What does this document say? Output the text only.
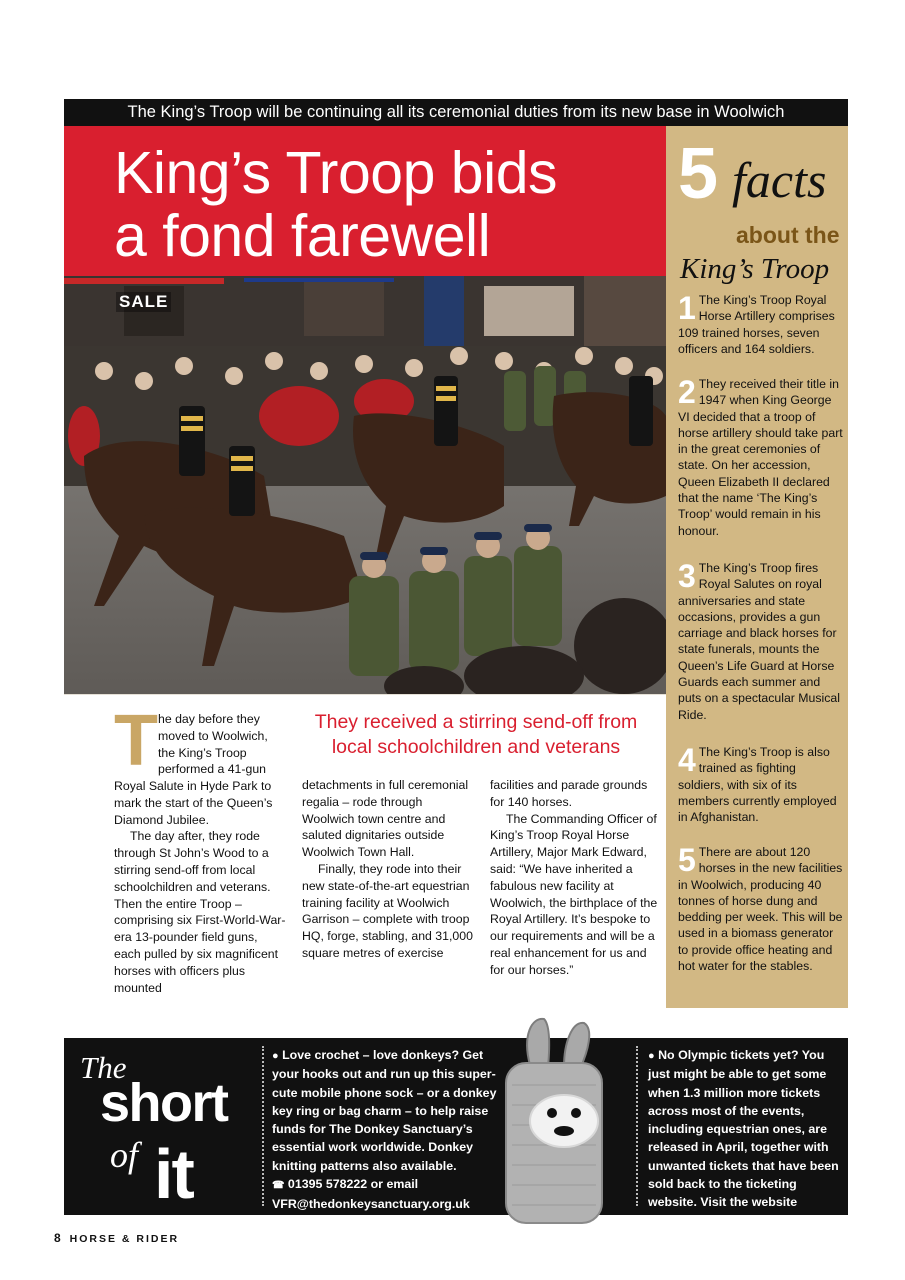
The King’s Troop will be continuing all its ceremonial duties from its new base in Woolwich
King’s Troop bids
a fond farewell
SALE
T he day before they moved to Woolwich, the King’s Troop performed a 41-gun

Royal Salute in Hyde Park to mark the start of the Queen’s Diamond Jubilee.

The day after, they rode through St John’s Wood to a stirring send-off from local schoolchildren and veterans. Then the entire Troop – comprising six First-World-War-era 13-pounder field guns, each pulled by six magnificent horses with officers plus mounted

They received a stirring send-off from local schoolchildren and veterans

detachments in full ceremonial regalia – rode through Woolwich town centre and saluted dignitaries outside Woolwich Town Hall.

Finally, they rode into their new state-of-the-art equestrian training facility at Woolwich Garrison – complete with troop HQ, forge, stabling, and 31,000 square metres of exercise

facilities and parade grounds for 140 horses.

The Commanding Officer of King’s Troop Royal Horse Artillery, Major Mark Edward, said: “We have inherited a fabulous new facility at Woolwich, the birthplace of the Royal Artillery. It’s bespoke to our requirements and will be a real enhancement for us and for our horses.”

5 facts
about the
King’s Troop

1 The King’s Troop Royal Horse Artillery comprises 109 trained horses, seven officers and 164 soldiers.

2 They received their title in 1947 when King George VI decided that a troop of horse artillery should take part in the great ceremonies of state. On her accession, Queen Elizabeth II declared that the name ‘The King’s Troop’ would remain in his honour.

3 The King’s Troop fires Royal Salutes on royal anniversaries and state occasions, provides a gun carriage and black horses for state funerals, mounts the Queen’s Life Guard at Horse Guards each summer and puts on a spectacular Musical Ride.

4 The King’s Troop is also trained as fighting soldiers, with six of its members currently employed in Afghanistan.

5 There are about 120 horses in the new facilities in Woolwich, producing 40 tonnes of horse dung and bedding per week. This will be used in a biomass generator to provide office heating and hot water for the stables.

The
short
of it

● Love crochet – love donkeys? Get your hooks out and run up this super-cute mobile phone sock – or a donkey key ring or bag charm – to help raise funds for The Donkey Sanctuary’s essential work worldwide. Donkey knitting patterns also available.
☎ 01395 578222 or email
VFR@thedonkeysanctuary.org.uk

● No Olympic tickets yet? You just might be able to get some when 1.3 million more tickets across most of the events, including equestrian ones, are released in April, together with unwanted tickets that have been sold back to the ticketing website. Visit the website
www.tickets.london2012.com

8 HORSE & RIDER
